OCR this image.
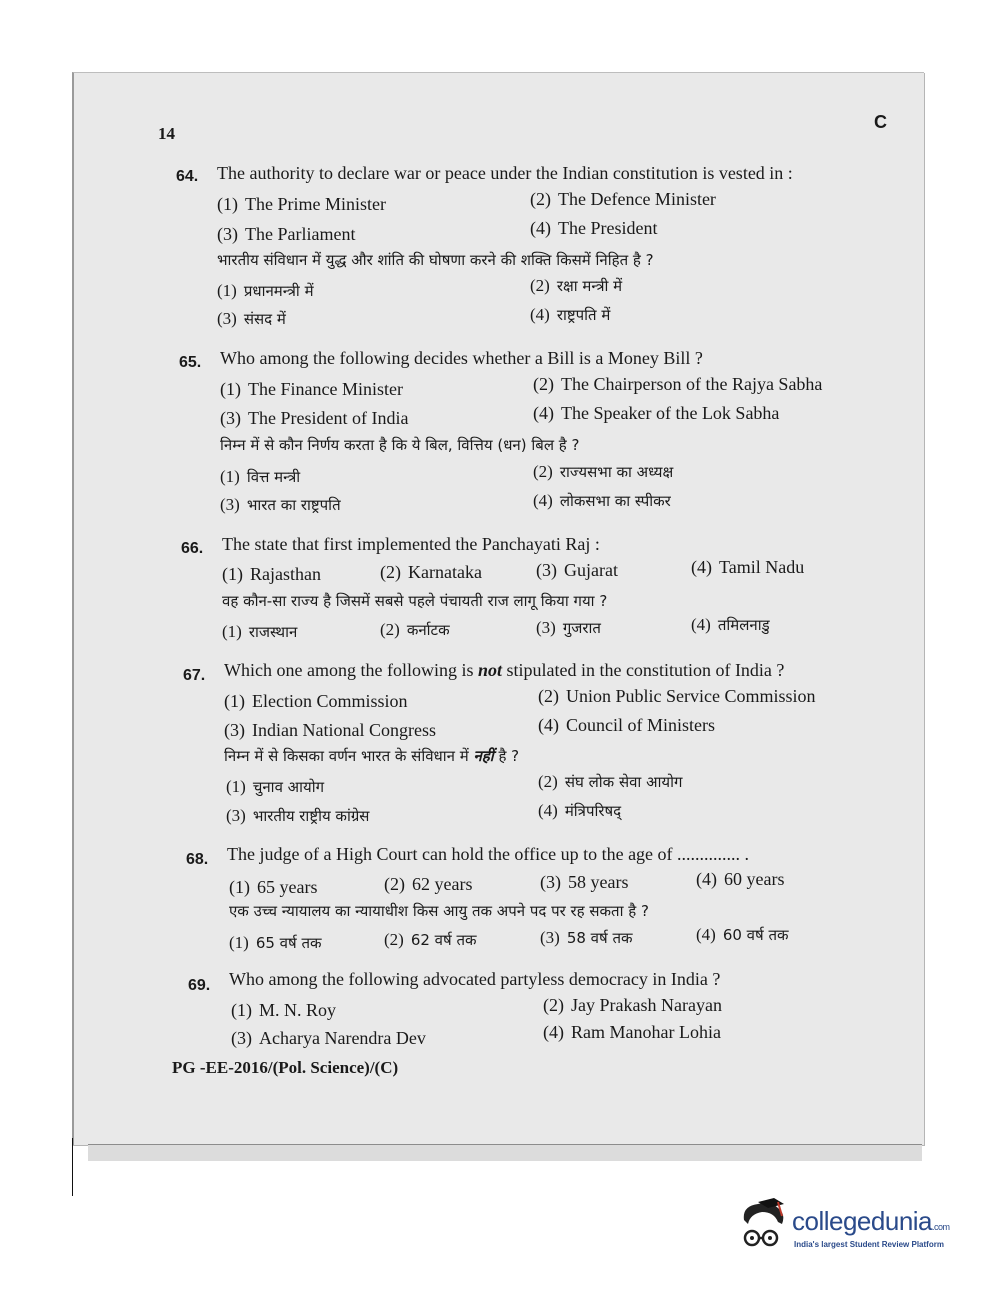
14
C
64. The authority to declare war or peace under the Indian constitution is vested in :
(1) The Prime Minister	(2) The Defence Minister
(3) The Parliament	(4) The President
भारतीय संविधान में युद्ध और शांति की घोषणा करने की शक्ति किसमें निहित है ?
(1) प्रधानमन्त्री में	(2) रक्षा मन्त्री में
(3) संसद में	(4) राष्ट्रपति में
65. Who among the following decides whether a Bill is a Money Bill ?
(1) The Finance Minister	(2) The Chairperson of the Rajya Sabha
(3) The President of India	(4) The Speaker of the Lok Sabha
निम्न में से कौन निर्णय करता है कि ये बिल, वित्तिय (धन) बिल है ?
(1) वित्त मन्त्री	(2) राज्यसभा का अध्यक्ष
(3) भारत का राष्ट्रपति	(4) लोकसभा का स्पीकर
66. The state that first implemented the Panchayati Raj :
(1) Rajasthan	(2) Karnataka	(3) Gujarat	(4) Tamil Nadu
वह कौन-सा राज्य है जिसमें सबसे पहले पंचायती राज लागू किया गया ?
(1) राजस्थान	(2) कर्नाटक	(3) गुजरात	(4) तमिलनाडु
67. Which one among the following is not stipulated in the constitution of India ?
(1) Election Commission	(2) Union Public Service Commission
(3) Indian National Congress	(4) Council of Ministers
निम्न में से किसका वर्णन भारत के संविधान में नहीं है ?
(1) चुनाव आयोग	(2) संघ लोक सेवा आयोग
(3) भारतीय राष्ट्रीय कांग्रेस	(4) मंत्रिपरिषद्
68. The judge of a High Court can hold the office up to the age of .............. .
(1) 65 years	(2) 62 years	(3) 58 years	(4) 60 years
एक उच्च न्यायालय का न्यायाधीश किस आयु तक अपने पद पर रह सकता है ?
(1) 65 वर्ष तक	(2) 62 वर्ष तक	(3) 58 वर्ष तक	(4) 60 वर्ष तक
69. Who among the following advocated partyless democracy in India ?
(1) M. N. Roy	(2) Jay Prakash Narayan
(3) Acharya Narendra Dev	(4) Ram Manohar Lohia
PG -EE-2016/(Pol. Science)/(C)
collegedunia.com
India's largest Student Review Platform
